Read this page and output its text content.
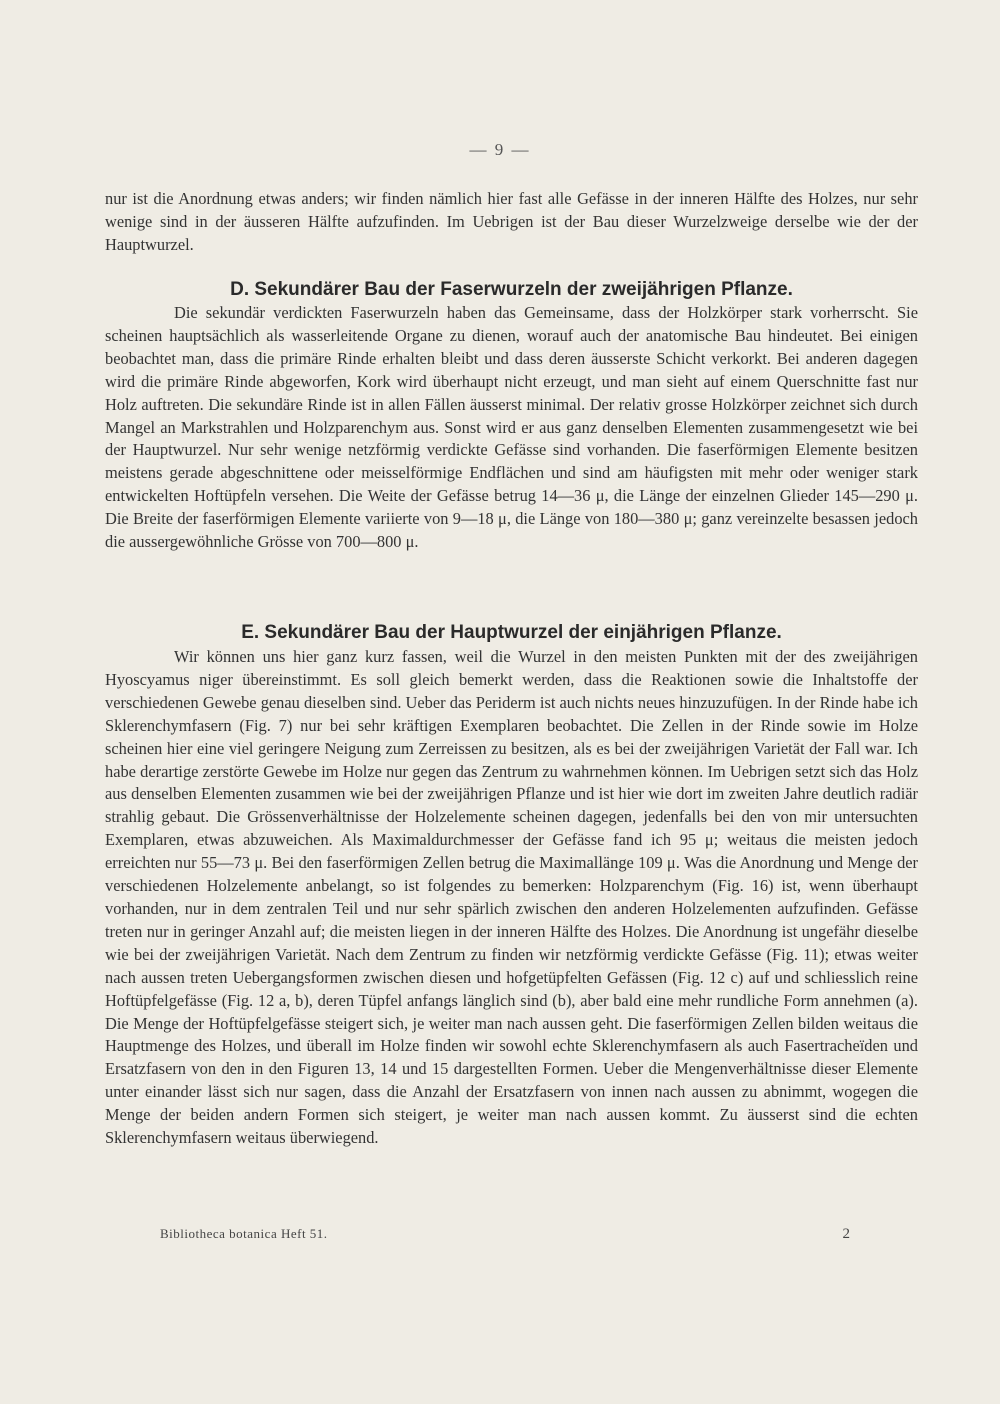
— 9 —

nur ist die Anordnung etwas anders; wir finden nämlich hier fast alle Gefässe in der inneren Hälfte des Holzes, nur sehr wenige sind in der äusseren Hälfte aufzufinden. Im Uebrigen ist der Bau dieser Wurzelzweige derselbe wie der der Hauptwurzel.

D. Sekundärer Bau der Faserwurzeln der zweijährigen Pflanze.

Die sekundär verdickten Faserwurzeln haben das Gemeinsame, dass der Holzkörper stark vorherrscht. Sie scheinen hauptsächlich als wasserleitende Organe zu dienen, worauf auch der anatomische Bau hindeutet. Bei einigen beobachtet man, dass die primäre Rinde erhalten bleibt und dass deren äusserste Schicht verkorkt. Bei anderen dagegen wird die primäre Rinde abgeworfen, Kork wird überhaupt nicht erzeugt, und man sieht auf einem Querschnitte fast nur Holz auftreten. Die sekundäre Rinde ist in allen Fällen äusserst minimal. Der relativ grosse Holzkörper zeichnet sich durch Mangel an Markstrahlen und Holzparenchym aus. Sonst wird er aus ganz denselben Elementen zusammengesetzt wie bei der Hauptwurzel. Nur sehr wenige netzförmig verdickte Gefässe sind vorhanden. Die faserförmigen Elemente besitzen meistens gerade abgeschnittene oder meisselförmige Endflächen und sind am häufigsten mit mehr oder weniger stark entwickelten Hoftüpfeln versehen. Die Weite der Gefässe betrug 14—36 μ, die Länge der einzelnen Glieder 145—290 μ. Die Breite der faserförmigen Elemente variierte von 9—18 μ, die Länge von 180—380 μ; ganz vereinzelte besassen jedoch die aussergewöhnliche Grösse von 700—800 μ.

E. Sekundärer Bau der Hauptwurzel der einjährigen Pflanze.

Wir können uns hier ganz kurz fassen, weil die Wurzel in den meisten Punkten mit der des zweijährigen Hyoscyamus niger übereinstimmt. Es soll gleich bemerkt werden, dass die Reaktionen sowie die Inhaltstoffe der verschiedenen Gewebe genau dieselben sind. Ueber das Periderm ist auch nichts neues hinzuzufügen. In der Rinde habe ich Sklerenchymfasern (Fig. 7) nur bei sehr kräftigen Exemplaren beobachtet. Die Zellen in der Rinde sowie im Holze scheinen hier eine viel geringere Neigung zum Zerreissen zu besitzen, als es bei der zweijährigen Varietät der Fall war. Ich habe derartige zerstörte Gewebe im Holze nur gegen das Zentrum zu wahrnehmen können. Im Uebrigen setzt sich das Holz aus denselben Elementen zusammen wie bei der zweijährigen Pflanze und ist hier wie dort im zweiten Jahre deutlich radiär strahlig gebaut. Die Grössenverhältnisse der Holzelemente scheinen dagegen, jedenfalls bei den von mir untersuchten Exemplaren, etwas abzuweichen. Als Maximaldurchmesser der Gefässe fand ich 95 μ; weitaus die meisten jedoch erreichten nur 55—73 μ. Bei den faserförmigen Zellen betrug die Maximallänge 109 μ. Was die Anordnung und Menge der verschiedenen Holzelemente anbelangt, so ist folgendes zu bemerken: Holzparenchym (Fig. 16) ist, wenn überhaupt vorhanden, nur in dem zentralen Teil und nur sehr spärlich zwischen den anderen Holzelementen aufzufinden. Gefässe treten nur in geringer Anzahl auf; die meisten liegen in der inneren Hälfte des Holzes. Die Anordnung ist ungefähr dieselbe wie bei der zweijährigen Varietät. Nach dem Zentrum zu finden wir netzförmig verdickte Gefässe (Fig. 11); etwas weiter nach aussen treten Uebergangsformen zwischen diesen und hofgetüpfelten Gefässen (Fig. 12 c) auf und schliesslich reine Hoftüpfelgefässe (Fig. 12 a, b), deren Tüpfel anfangs länglich sind (b), aber bald eine mehr rundliche Form annehmen (a). Die Menge der Hoftüpfelgefässe steigert sich, je weiter man nach aussen geht. Die faserförmigen Zellen bilden weitaus die Hauptmenge des Holzes, und überall im Holze finden wir sowohl echte Sklerenchymfasern als auch Fasertracheïden und Ersatzfasern von den in den Figuren 13, 14 und 15 dargestellten Formen. Ueber die Mengenverhältnisse dieser Elemente unter einander lässt sich nur sagen, dass die Anzahl der Ersatzfasern von innen nach aussen zu abnimmt, wogegen die Menge der beiden andern Formen sich steigert, je weiter man nach aussen kommt. Zu äusserst sind die echten Sklerenchymfasern weitaus überwiegend.

Bibliotheca botanica Heft 51.	2
